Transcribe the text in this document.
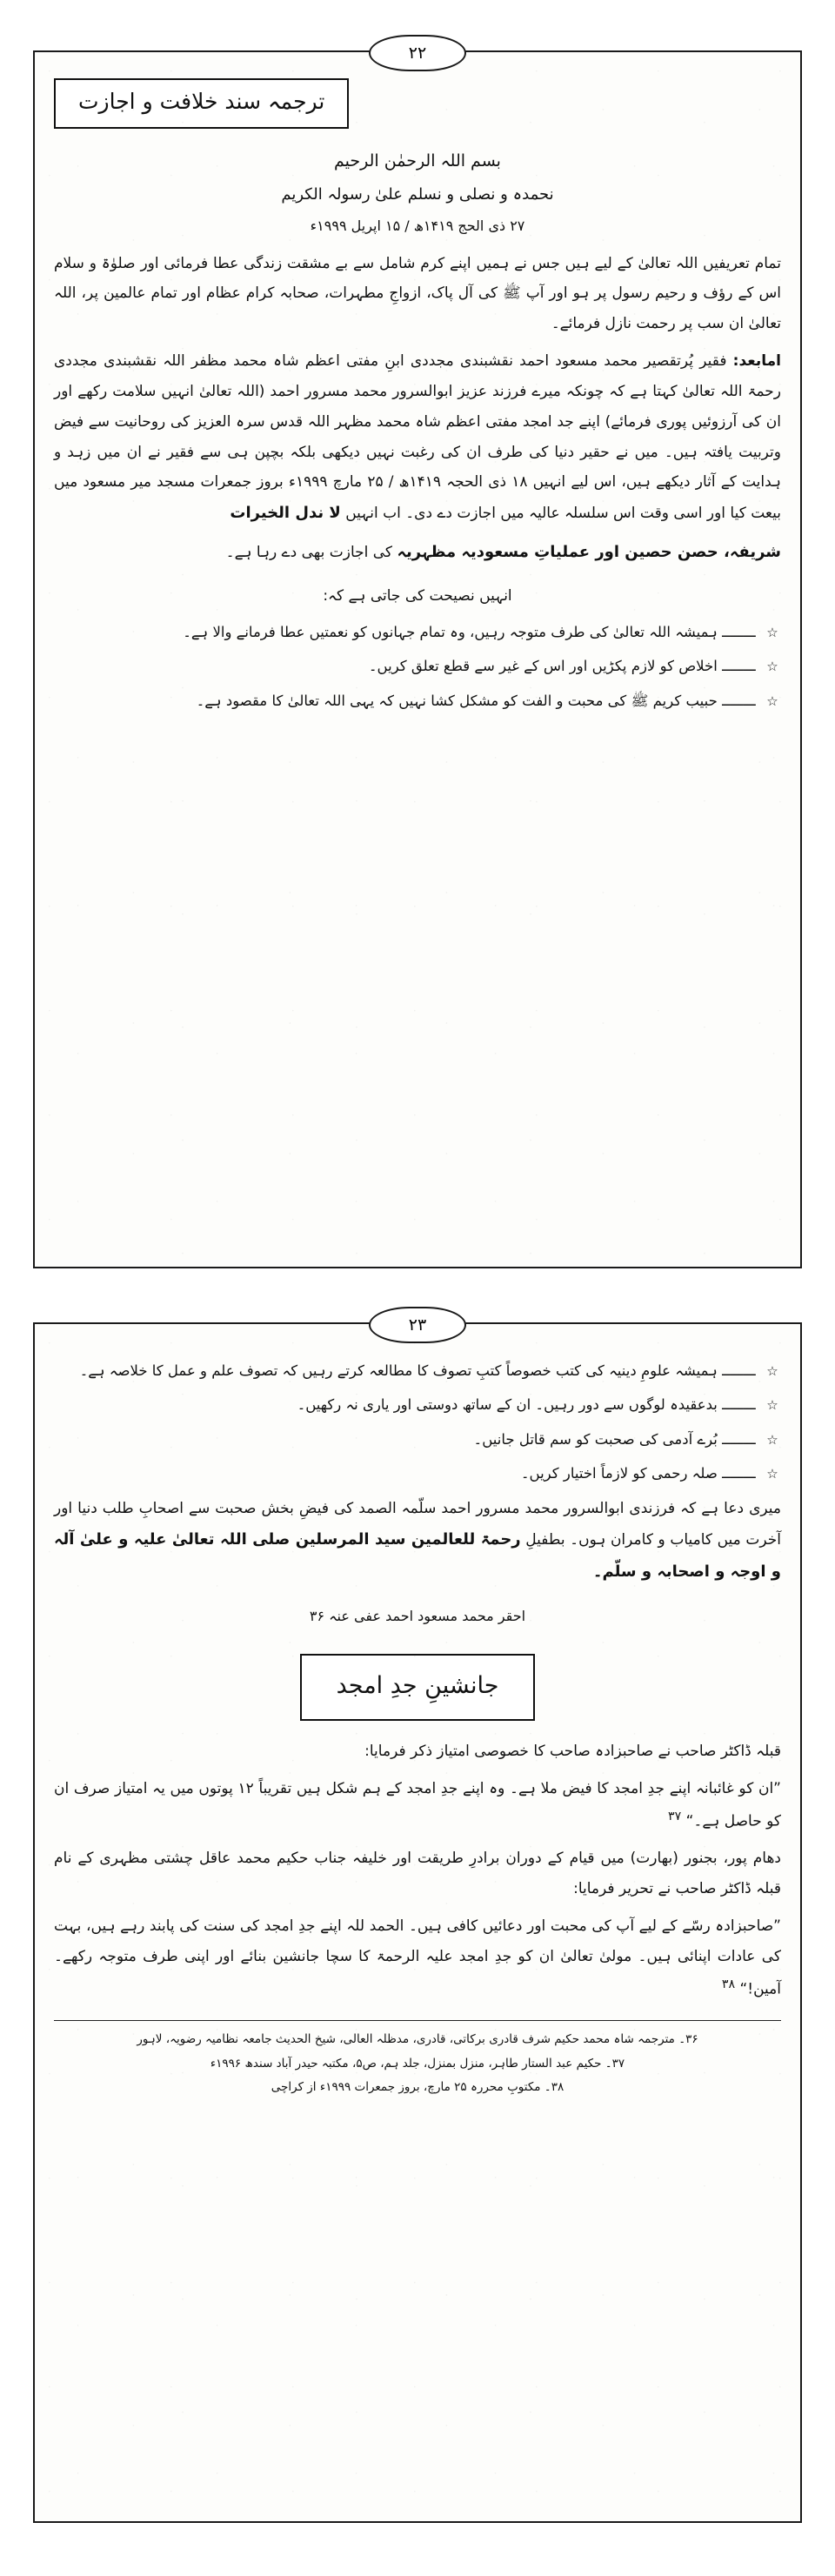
۲۲
ترجمہ سند خلافت و اجازت
بسم اللہ الرحمٰن الرحیم
نحمدہ و نصلی و نسلم علیٰ رسولہ الکریم
۲۷ ذی الحج ۱۴۱۹ھ / ۱۵ اپریل ۱۹۹۹ء
تمام تعریفیں اللہ تعالیٰ کے لیے ہیں جس نے ہمیں اپنے کرم شامل سے بے مشقت زندگی عطا فرمائی اور صلوٰۃ و سلام اس کے رؤف و رحیم رسول پر ہو اور آپ ﷺ کی آل پاک، ازواجِ مطہرات، صحابہ کرام عظام اور تمام عالمین پر، اللہ تعالیٰ ان سب پر رحمت نازل فرمائے۔
امابعد: فقیر پُرتقصیر محمد مسعود احمد نقشبندی مجددی ابنِ مفتی اعظم شاہ محمد مظفر اللہ نقشبندی مجددی رحمۃ اللہ تعالیٰ کہتا ہے کہ چونکہ میرے فرزند عزیز ابوالسرور محمد مسرور احمد (اللہ تعالیٰ انہیں سلامت رکھے اور ان کی آرزوئیں پوری فرمائے) اپنے جد امجد مفتی اعظم شاہ محمد مظہر اللہ قدس سرہ العزیز کی روحانیت سے فیض وتربیت یافتہ ہیں۔ میں نے حقیر دنیا کی طرف ان کی رغبت نہیں دیکھی بلکہ بچپن ہی سے فقیر نے ان میں زہد و ہدایت کے آثار دیکھے ہیں، اس لیے انہیں ۱۸ ذی الحجہ ۱۴۱۹ھ / ۲۵ مارچ ۱۹۹۹ء بروز جمعرات مسجد میر مسعود میں بیعت کیا اور اسی وقت اس سلسلہ عالیہ میں اجازت دے دی۔ اب انہیں لا ندل الخیرات
شریفہ، حصن حصین اور عملیاتِ مسعودیہ مظہریہ کی اجازت بھی دے رہا ہے۔
انہیں نصیحت کی جاتی ہے کہ:
☆ ــــــــ ہمیشہ اللہ تعالیٰ کی طرف متوجہ رہیں، وہ تمام جہانوں کو نعمتیں عطا فرمانے والا ہے۔
☆ ــــــــ اخلاص کو لازم پکڑیں اور اس کے غیر سے قطع تعلق کریں۔
☆ ــــــــ حبیب کریم ﷺ کی محبت و الفت کو مشکل کشا نہیں کہ یہی اللہ تعالیٰ کا مقصود ہے۔
۲۳
☆ ــــــــ ہمیشہ علومِ دینیہ کی کتب خصوصاً کتبِ تصوف کا مطالعہ کرتے رہیں کہ تصوف علم و عمل کا خلاصہ ہے۔
☆ ــــــــ بدعقیدہ لوگوں سے دور رہیں۔ ان کے ساتھ دوستی اور یاری نہ رکھیں۔
☆ ــــــــ بُرے آدمی کی صحبت کو سم قاتل جانیں۔
☆ ــــــــ صلہ رحمی کو لازماً اختیار کریں۔
میری دعا ہے کہ فرزندی ابوالسرور محمد مسرور احمد سلّمہ الصمد کی فیضِ بخش صحبت سے اصحابِ طلب دنیا اور آخرت میں کامیاب و کامران ہوں۔ بطفیلِ رحمۃ للعالمین سید المرسلین صلی اللہ تعالیٰ علیہ و علیٰ آلہ و اوجہ و اصحابہ و سلّم۔
احقر محمد مسعود احمد عفی عنہ ۳۶
جانشینِ جدِ امجد
قبلہ ڈاکٹر صاحب نے صاحبزادہ صاحب کا خصوصی امتیاز ذکر فرمایا:
”ان کو غائبانہ اپنے جدِ امجد کا فیض ملا ہے۔ وہ اپنے جدِ امجد کے ہم شکل ہیں تقریباً ۱۲ پوتوں میں یہ امتیاز صرف ان کو حاصل ہے۔“ $^{۳۷}$
دھام پور، بجنور (بھارت) میں قیام کے دوران برادرِ طریقت اور خلیفہ جناب حکیم محمد عاقل چشتی مظہری کے نام قبلہ ڈاکٹر صاحب نے تحریر فرمایا:
”صاحبزادہ رسّے کے لیے آپ کی محبت اور دعائیں کافی ہیں۔ الحمد للہ اپنے جدِ امجد کی سنت کی پابند رہے ہیں، بہت کی عادات اپنائی ہیں۔ مولیٰ تعالیٰ ان کو جدِ امجد علیہ الرحمۃ کا سچا جانشین بنائے اور اپنی طرف متوجہ رکھے۔ آمین!“ $^{۳۸}$
۳۶۔ مترجمہ شاہ محمد حکیم شرف قادری برکاتی، قادری، مدظلہ العالی، شیخ الحدیث جامعہ نظامیہ رضویہ، لاہور
۳۷۔ حکیم عبد الستار طاہر، منزل بمنزل، جلد ہم، ص۵، مکتبہ حیدر آباد سندھ ۱۹۹۶ء
۳۸۔ مکتوبِ محررہ ۲۵ مارچ، بروز جمعرات ۱۹۹۹ء از کراچی
